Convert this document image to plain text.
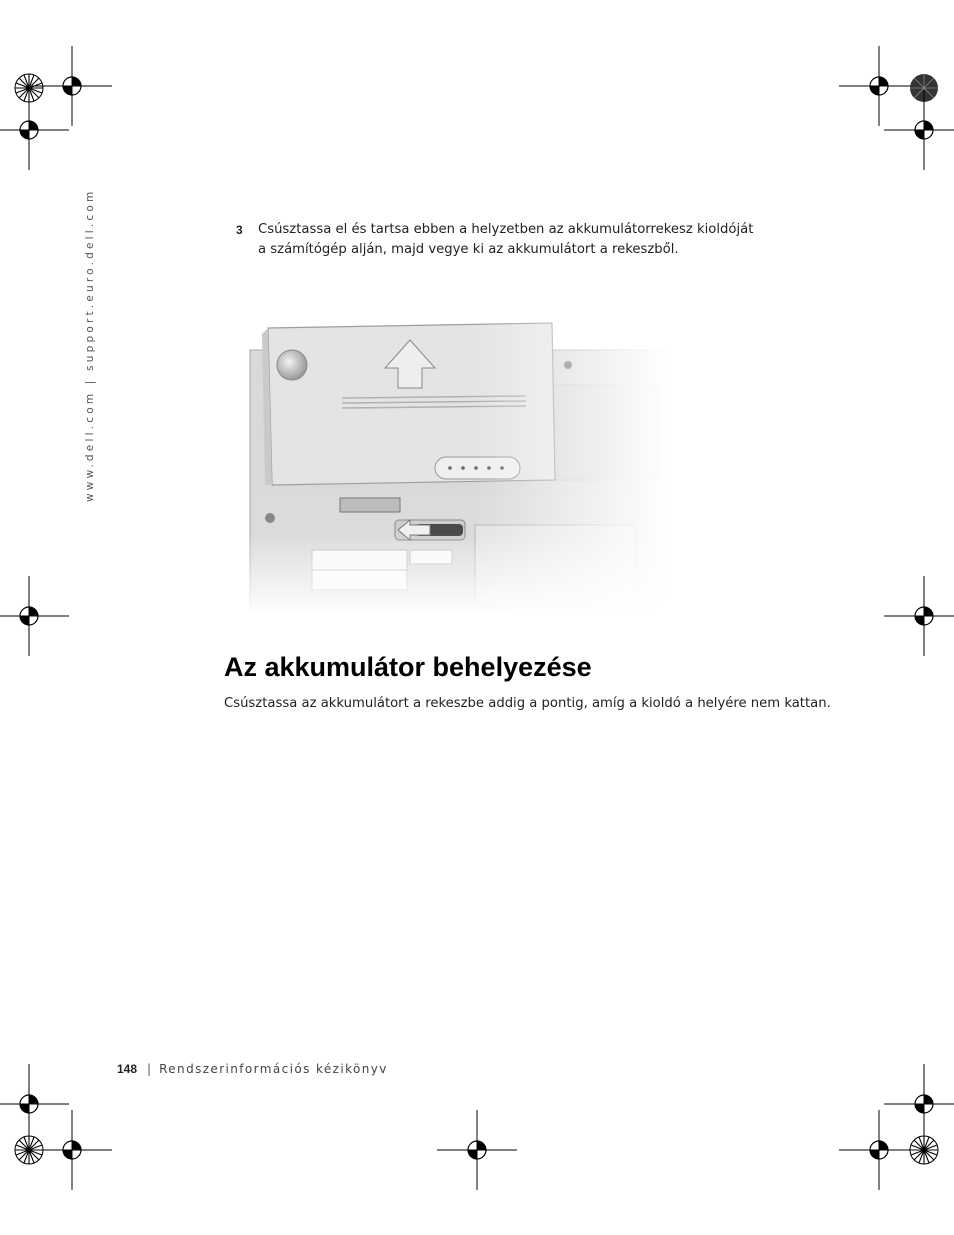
www.dell.com | support.euro.dell.com	3 Csúsztassa el és tartsa ebben a helyzetben az akkumulátorrekesz kioldóját
a számítógép alján, majd vegye ki az akkumulátort a rekeszből.
Az akkumulátor behelyezése
Csúsztassa az akkumulátort a rekeszbe addig a pontig, amíg a kioldó a helyére nem kattan.
148 | Rendszerinformációs kézikönyv
